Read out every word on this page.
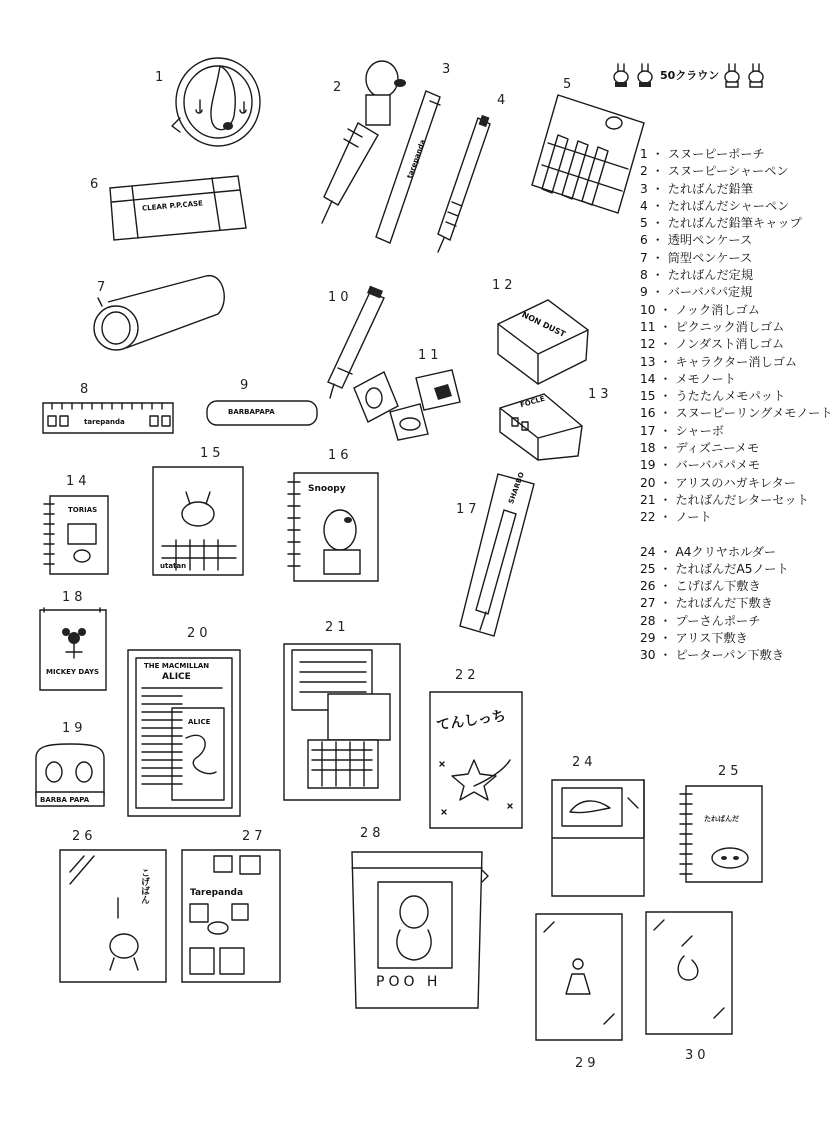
50クラウン
1 ・ スヌーピーポーチ
2 ・ スヌーピーシャーペン
3 ・ たればんだ鉛筆
4 ・ たればんだシャーペン
5 ・ たればんだ鉛筆キャップ
6 ・ 透明ペンケース
7 ・ 筒型ペンケース
8 ・ たればんだ定規
9 ・ バーバパパ定規
10 ・ ノック消しゴム
11 ・ ピクニック消しゴム
12 ・ ノンダスト消しゴム
13 ・ キャラクター消しゴム
14 ・ メモノート
15 ・ うたたんメモパット
16 ・ スヌーピーリングメモノート
17 ・ シャーボ
18 ・ ディズニーメモ
19 ・ バーバパパメモ
20 ・ アリスのハガキレター
21 ・ たればんだレターセット
22 ・ ノート
24 ・ A4クリヤホルダー
25 ・ たればんだA5ノート
26 ・ こげばん下敷き
27 ・ たればんだ下敷き
28 ・ プーさんポーチ
29 ・ アリス下敷き
30 ・ ピーターパン下敷き
1
2
3
4
5
6
7
8	9
10
11
12
13
14
15	16
17
18
19
20	21
22
24
25
26	27	28
29
30
tarepanda
CLEAR P.P.CASE
tarepanda
BARBAPAPA
NON DUST
FOCLE
TORIAS
utatan
Snoopy	SHARBO
MICKEY DAYS
BARBA PAPA
THE MACMILLAN
ALICE
ALICE	てんしっち
たればんだ
こげばん	Tarepanda
POO H
